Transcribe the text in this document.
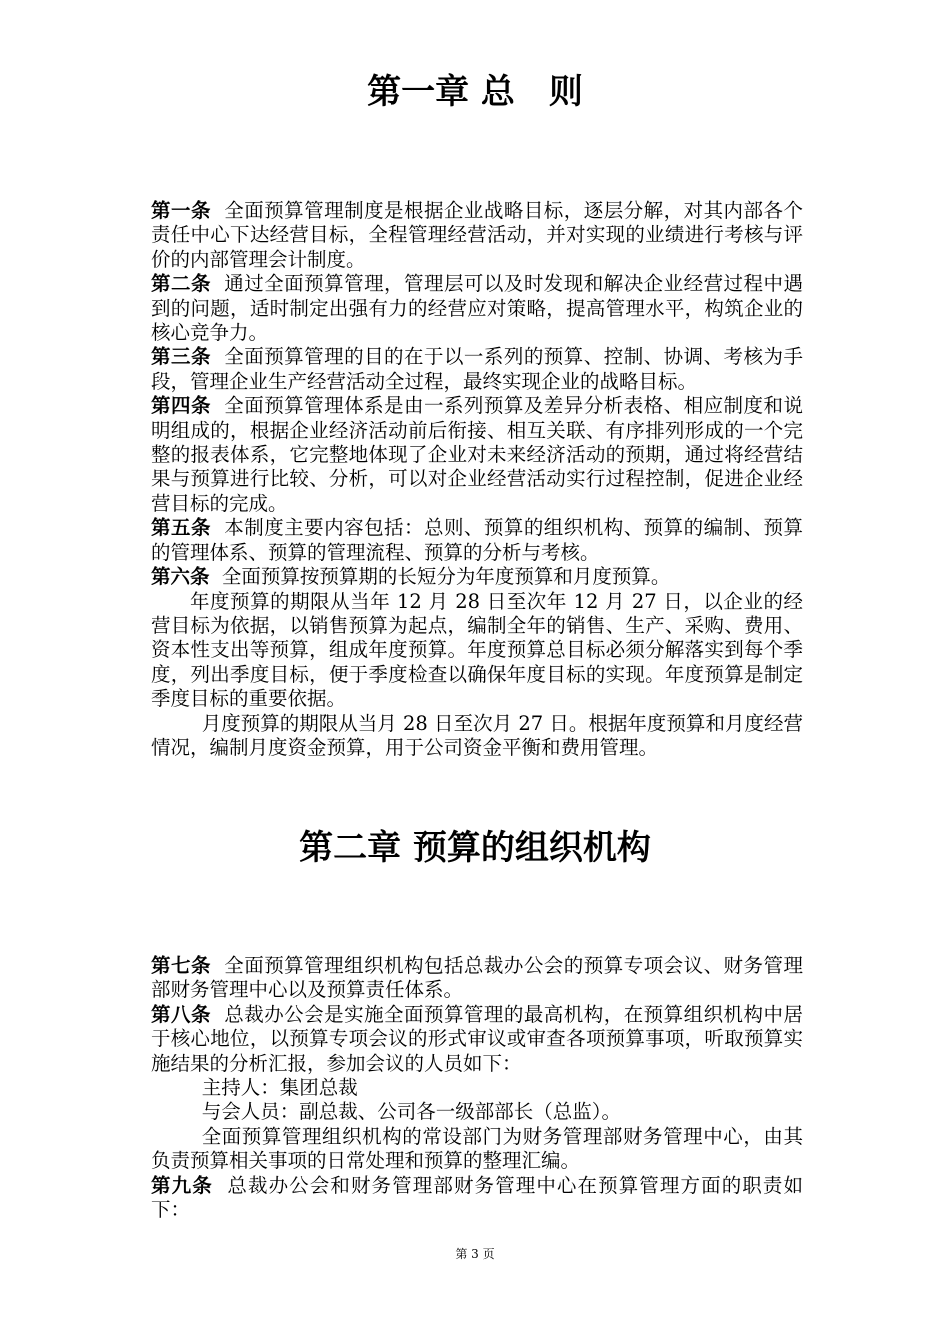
第一章 总　则

第一条 全面预算管理制度是根据企业战略目标，逐层分解，对其内部各个责任中心下达经营目标，全程管理经营活动，并对实现的业绩进行考核与评价的内部管理会计制度。

第二条 通过全面预算管理，管理层可以及时发现和解决企业经营过程中遇到的问题，适时制定出强有力的经营应对策略，提高管理水平，构筑企业的核心竞争力。

第三条 全面预算管理的目的在于以一系列的预算、控制、协调、考核为手段，管理企业生产经营活动全过程，最终实现企业的战略目标。

第四条 全面预算管理体系是由一系列预算及差异分析表格、相应制度和说明组成的，根据企业经济活动前后衔接、相互关联、有序排列形成的一个完整的报表体系，它完整地体现了企业对未来经济活动的预期，通过将经营结果与预算进行比较、分析，可以对企业经营活动实行过程控制，促进企业经营目标的完成。

第五条 本制度主要内容包括：总则、预算的组织机构、预算的编制、预算的管理体系、预算的管理流程、预算的分析与考核。

第六条 全面预算按预算期的长短分为年度预算和月度预算。

年度预算的期限从当年 12 月 28 日至次年 12 月 27 日，以企业的经营目标为依据，以销售预算为起点，编制全年的销售、生产、采购、费用、资本性支出等预算，组成年度预算。年度预算总目标必须分解落实到每个季度，列出季度目标，便于季度检查以确保年度目标的实现。年度预算是制定季度目标的重要依据。

月度预算的期限从当月 28 日至次月 27 日。根据年度预算和月度经营情况，编制月度资金预算，用于公司资金平衡和费用管理。

第二章 预算的组织机构

第七条 全面预算管理组织机构包括总裁办公会的预算专项会议、财务管理部财务管理中心以及预算责任体系。

第八条 总裁办公会是实施全面预算管理的最高机构，在预算组织机构中居于核心地位，以预算专项会议的形式审议或审查各项预算事项，听取预算实施结果的分析汇报，参加会议的人员如下：

主持人：集团总裁

与会人员：副总裁、公司各一级部部长（总监）。

全面预算管理组织机构的常设部门为财务管理部财务管理中心，由其负责预算相关事项的日常处理和预算的整理汇编。

第九条 总裁办公会和财务管理部财务管理中心在预算管理方面的职责如下：

第 3 页
